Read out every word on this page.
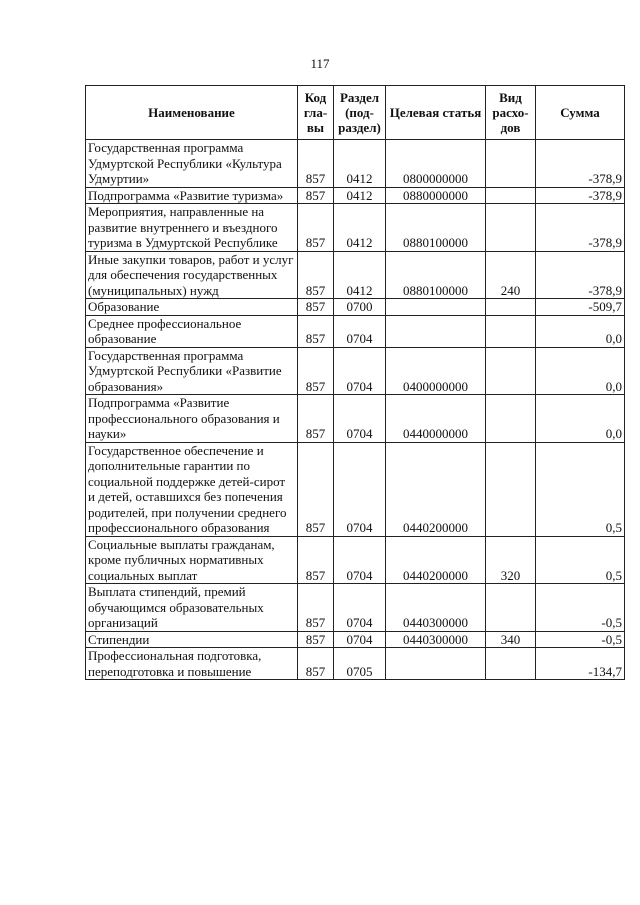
117
Наименование	Код гла- вы	Раздел (под- раздел)	Целевая статья	Вид расхо- дов	Сумма
Государственная программа Удмуртской Республики «Культура Удмуртии»	857	0412	0800000000		-378,9
Подпрограмма «Развитие туризма»	857	0412	0880000000		-378,9
Мероприятия, направленные на развитие внутреннего и въездного туризма в Удмуртской Республике	857	0412	0880100000		-378,9
Иные закупки товаров, работ и услуг для обеспечения государственных (муниципальных) нужд	857	0412	0880100000	240	-378,9
Образование	857	0700			-509,7
Среднее профессиональное образование	857	0704			0,0
Государственная программа Удмуртской Республики «Развитие образования»	857	0704	0400000000		0,0
Подпрограмма «Развитие профессионального образования и науки»	857	0704	0440000000		0,0
Государственное обеспечение и дополнительные гарантии по социальной поддержке детей-сирот и детей, оставшихся без попечения родителей, при получении среднего профессионального образования	857	0704	0440200000		0,5
Социальные выплаты гражданам, кроме публичных нормативных социальных выплат	857	0704	0440200000	320	0,5
Выплата стипендий, премий обучающимся образовательных организаций	857	0704	0440300000		-0,5
Стипендии	857	0704	0440300000	340	-0,5
Профессиональная подготовка, переподготовка и повышение	857	0705			-134,7
